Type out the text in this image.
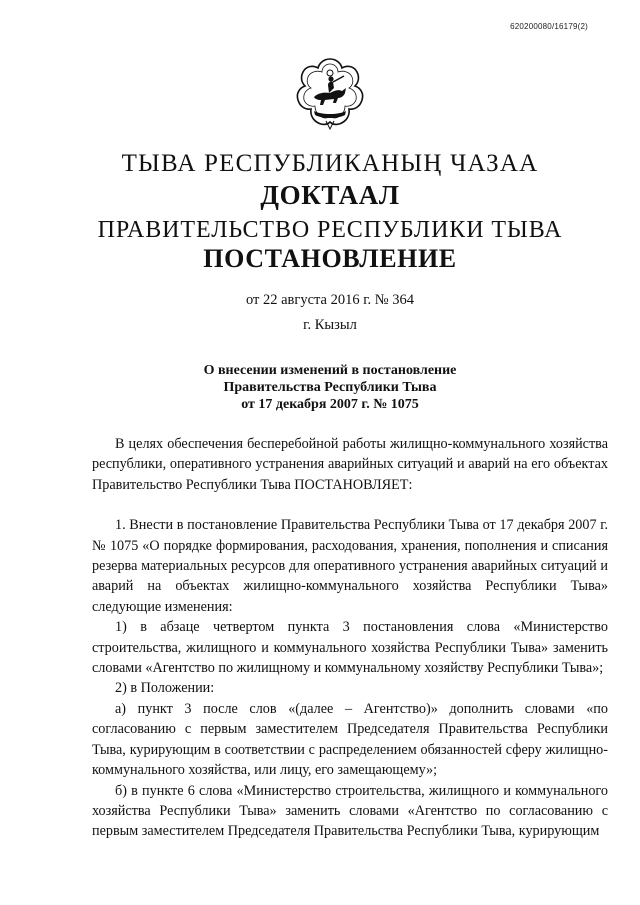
620200080/16179(2)
ТЫВА РЕСПУБЛИКАНЫҢ ЧАЗАА
ДОКТААЛ
ПРАВИТЕЛЬСТВО РЕСПУБЛИКИ ТЫВА
ПОСТАНОВЛЕНИЕ
от 22 августа 2016 г. № 364
г. Кызыл
О внесении изменений в постановление
Правительства Республики Тыва
от 17 декабря 2007 г. № 1075

В целях обеспечения бесперебойной работы жилищно-коммунального хозяйства республики, оперативного устранения аварийных ситуаций и аварий на его объектах Правительство Республики Тыва ПОСТАНОВЛЯЕТ:

1. Внести в постановление Правительства Республики Тыва от 17 декабря 2007 г. № 1075 «О порядке формирования, расходования, хранения, пополнения и списания резерва материальных ресурсов для оперативного устранения аварийных ситуаций и аварий на объектах жилищно-коммунального хозяйства Республики Тыва» следующие изменения:

1) в абзаце четвертом пункта 3 постановления слова «Министерство строительства, жилищного и коммунального хозяйства Республики Тыва» заменить словами «Агентство по жилищному и коммунальному хозяйству Республики Тыва»;

2) в Положении:

а) пункт 3 после слов «(далее – Агентство)» дополнить словами «по согласованию с первым заместителем Председателя Правительства Республики Тыва, курирующим в соответствии с распределением обязанностей сферу жилищно-коммунального хозяйства, или лицу, его замещающему»;

б) в пункте 6 слова «Министерство строительства, жилищного и коммунального хозяйства Республики Тыва» заменить словами «Агентство по согласованию с первым заместителем Председателя Правительства Республики Тыва, курирующим
